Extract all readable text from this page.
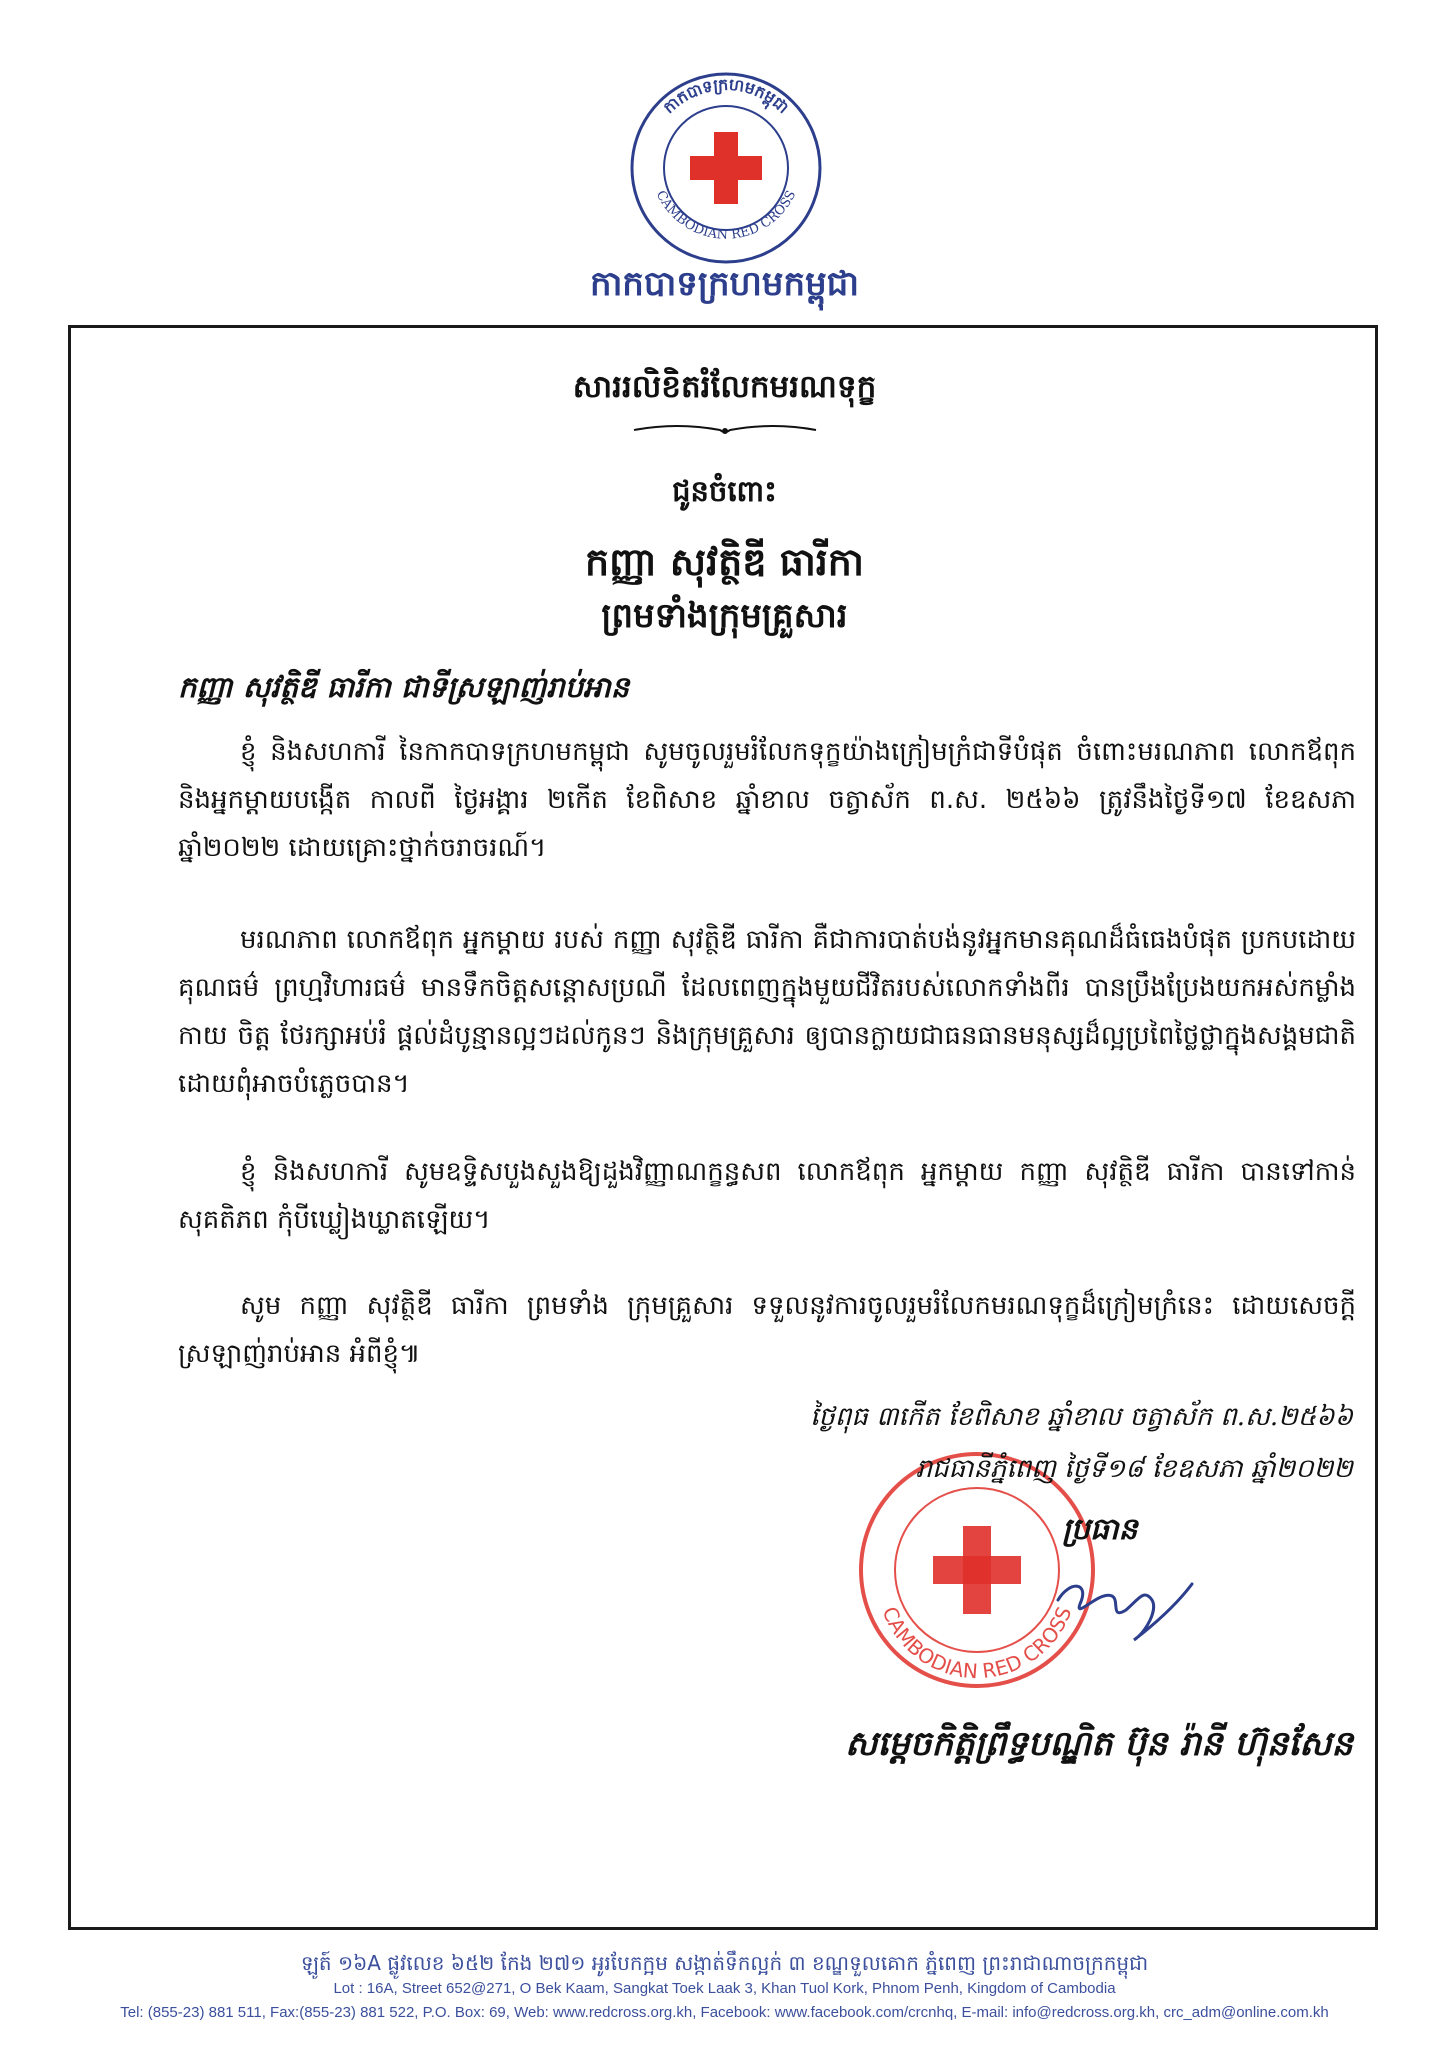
កាកបាទក្រហមកម្ពុជា
CAMBODIAN RED CROSS
កាកបាទក្រហមកម្ពុជា
សាររលិខិតរំលែកមរណទុក្ខ
ជូនចំពោះ
កញ្ញា សុវត្ថិឌី ធារីកា
ព្រមទាំងក្រុមគ្រួសារ
កញ្ញា សុវត្ថិឌី ធារីកា ជាទីស្រឡាញ់រាប់អាន

ខ្ញុំ និងសហការី នៃកាកបាទក្រហមកម្ពុជា សូមចូលរួមរំលែកទុក្ខយ៉ាងក្រៀមក្រំជាទីបំផុត ចំពោះមរណភាព លោកឪពុក និងអ្នកម្តាយបង្កើត កាលពី ថ្ងៃអង្គារ ២កើត ខែពិសាខ ឆ្នាំខាល ចត្វាស័ក ព.ស. ២៥៦៦ ត្រូវនឹងថ្ងៃទី១៧ ខែឧសភា ឆ្នាំ២០២២ ដោយគ្រោះថ្នាក់ចរាចរណ៍។

មរណភាព លោកឪពុក អ្នកម្តាយ របស់ កញ្ញា សុវត្ថិឌី ធារីកា គឺជាការបាត់បង់នូវអ្នកមានគុណដ៏ធំធេងបំផុត ប្រកបដោយគុណធម៌ ព្រហ្មវិហារធម៌ មានទឹកចិត្តសន្តោសប្រណី ដែលពេញក្នុងមួយជីវិតរបស់លោកទាំងពីរ បានប្រឹងប្រែងយកអស់កម្លាំងកាយ ចិត្ត ថែរក្សាអប់រំ ផ្តល់ដំបូន្មានល្អៗដល់កូនៗ និងក្រុមគ្រួសារ ឲ្យបានក្លាយជាធនធានមនុស្សដ៏ល្អប្រពៃថ្លៃថ្លាក្នុងសង្គមជាតិ ដោយពុំអាចបំភ្លេចបាន។

ខ្ញុំ និងសហការី សូមឧទ្ទិសបួងសួងឱ្យដួងវិញ្ញាណក្ខន្ធសព លោកឪពុក អ្នកម្តាយ កញ្ញា សុវត្ថិឌី ធារីកា បានទៅកាន់សុគតិភព កុំបីឃ្លៀងឃ្លាតឡើយ។

សូម កញ្ញា សុវត្ថិឌី ធារីកា ព្រមទាំង ក្រុមគ្រួសារ ទទួលនូវការចូលរួមរំលែកមរណទុក្ខដ៏ក្រៀមក្រំនេះ ដោយសេចក្តីស្រឡាញ់រាប់អាន អំពីខ្ញុំ៕

ថ្ងៃពុធ ៣កើត ខែពិសាខ ឆ្នាំខាល ចត្វាស័ក ព.ស.២៥៦៦
CAMBODIAN RED CROSS
រាជធានីភ្នំពេញ ថ្ងៃទី១៨ ខែឧសភា ឆ្នាំ២០២២
ប្រធាន
សម្តេចកិត្តិព្រឹទ្ធបណ្ឌិត ប៊ុន រ៉ានី ហ៊ុនសែន
ឡូត៍ ១៦A ផ្លូវលេខ ៦៥២ កែង ២៧១ អូរបែកក្អម សង្កាត់ទឹកល្អក់ ៣ ខណ្ឌទួលគោក ភ្នំពេញ ព្រះរាជាណាចក្រកម្ពុជា
Lot : 16A, Street 652@271, O Bek Kaam, Sangkat Toek Laak 3, Khan Tuol Kork, Phnom Penh, Kingdom of Cambodia
Tel: (855-23) 881 511, Fax:(855-23) 881 522, P.O. Box: 69, Web: www.redcross.org.kh, Facebook: www.facebook.com/crcnhq, E-mail: info@redcross.org.kh, crc_adm@online.com.kh
